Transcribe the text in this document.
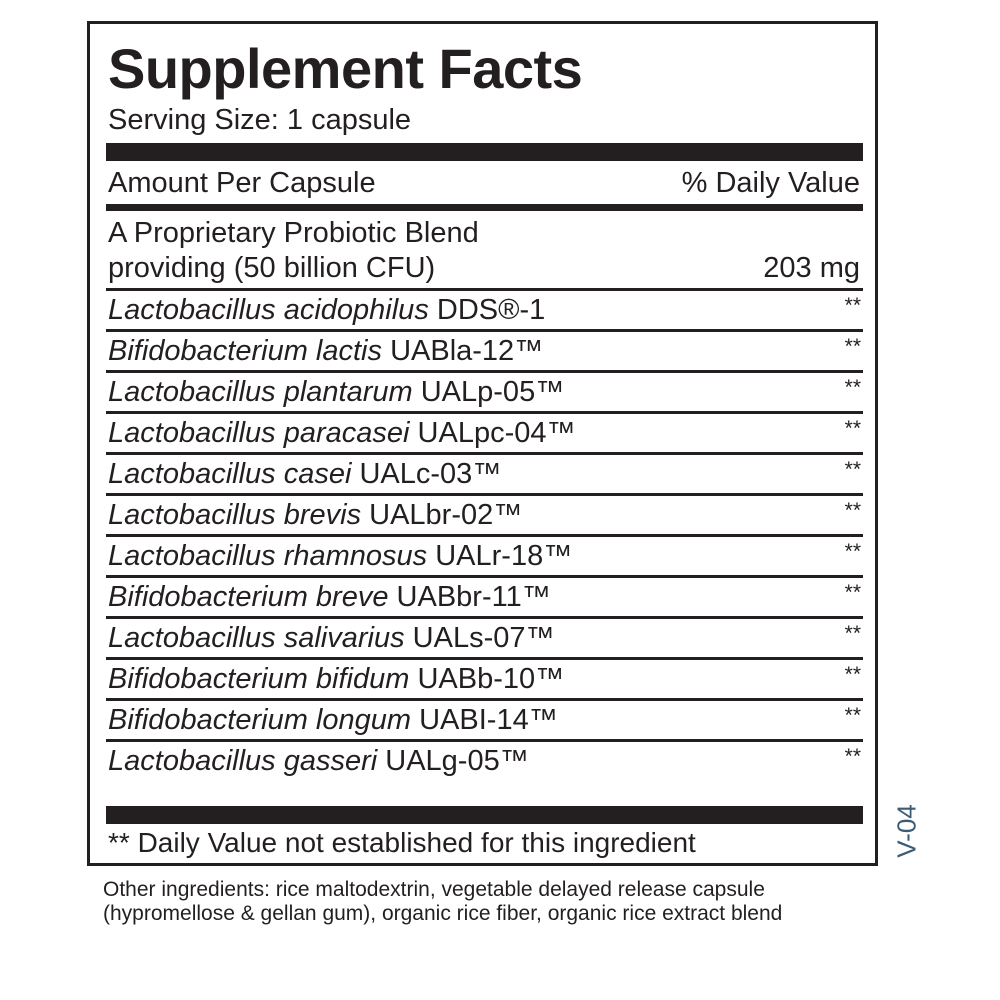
Supplement Facts
Serving Size: 1 capsule
Amount Per Capsule	% Daily Value
A Proprietary Probiotic Blend
providing (50 billion CFU)	203 mg
Lactobacillus acidophilus DDS®-1	**
Bifidobacterium lactis UABla-12™	**
Lactobacillus plantarum UALp-05™	**
Lactobacillus paracasei UALpc-04™	**
Lactobacillus casei UALc-03™	**
Lactobacillus brevis UALbr-02™	**
Lactobacillus rhamnosus UALr-18™	**
Bifidobacterium breve UABbr-11™	**
Lactobacillus salivarius UALs-07™	**
Bifidobacterium bifidum UABb-10™	**
Bifidobacterium longum UABI-14™	**
Lactobacillus gasseri UALg-05™	**
** Daily Value not established for this ingredient
Other ingredients: rice maltodextrin, vegetable delayed release capsule (hypromellose & gellan gum), organic rice fiber, organic rice extract blend
V-04
